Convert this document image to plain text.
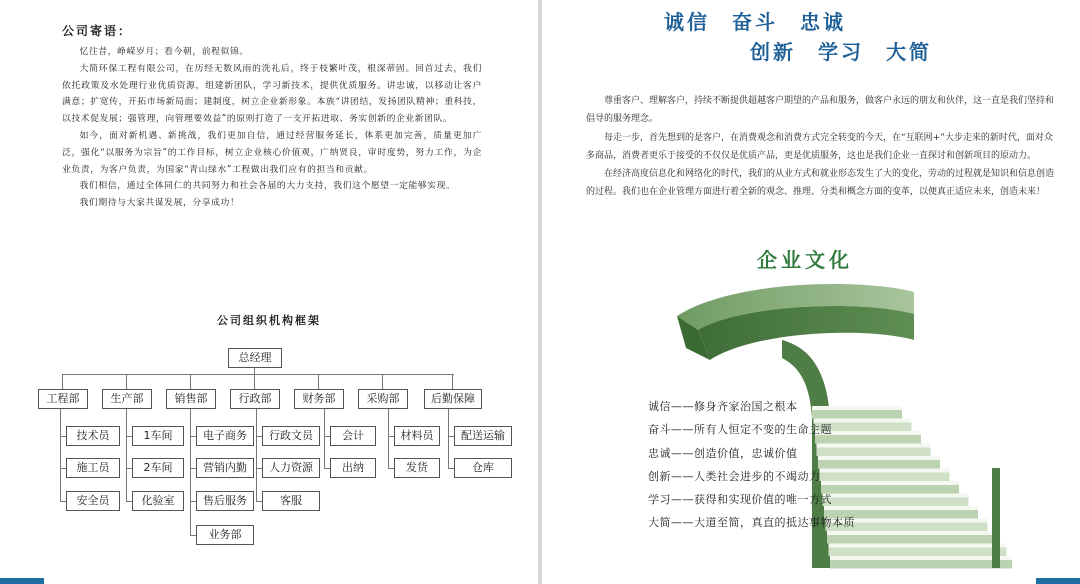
公司寄语：

忆往昔，峥嵘岁月；看今朝，前程似锦。

大简环保工程有限公司，在历经无数风雨的洗礼后，终于枝繁叶茂，根深蒂固。回首过去，我们依托政策及水处理行业优质资源，组建新团队，学习新技术，提供优质服务。讲忠诚，以移动让客户满意；扩宽传，开拓市场新局面；建制度，树立企业新形象。本族“讲团结，发扬团队精神；重科技，以技术促发展；强管理，向管理要效益”的原则打造了一支开拓进取、务实创新的企业新团队。

如今，面对新机遇、新挑战，我们更加自信，通过经营服务延长，体系更加完善，质量更加广泛，强化“以服务为宗旨”的工作目标，树立企业核心价值观，广纳贤良，审时度势，努力工作，为企业负责，为客户负责，为国家“青山绿水”工程做出我们应有的担当和贡献。

我们相信，通过全体同仁的共同努力和社会各届的大力支持，我们这个愿望一定能够实现。

我们期待与大家共谋发展，分享成功！

公司组织机构框架
总经理
工程部
技术员
施工员
安全员
生产部
1车间
2车间
化验室
销售部
电子商务
营销内勤
售后服务
业务部
行政部
行政文员
人力资源
客服
财务部
会计
出纳
采购部
材料员
发货
后勤保障
配送运输
仓库
诚信 奋斗 忠诚
创新 学习 大简

尊重客户、理解客户，持续不断提供超越客户期望的产品和服务，做客户永远的朋友和伙伴，这一直是我们坚持和倡导的服务理念。

每走一步，首先想到的是客户，在消费观念和消费方式完全转变的今天，在“互联网+”大步走来的新时代，面对众多商品，消费者更乐于接受的不仅仅是优质产品，更是优质服务，这也是我们企业一直探讨和创新项目的原动力。

在经济高度信息化和网络化的时代，我们的从业方式和就业形态发生了大的变化，劳动的过程就是知识和信息创造的过程。我们也在企业管理方面进行着全新的观念、推理、分类和概念方面的变革，以便真正适应未来，创造未来！

企业文化
诚信——修身齐家治国之根本
奋斗——所有人恒定不变的生命主题
忠诚——创造价值，忠诚价值
创新——人类社会进步的不竭动力
学习——获得和实现价值的唯一方式
大简——大道至简，真直的抵达事物本质
